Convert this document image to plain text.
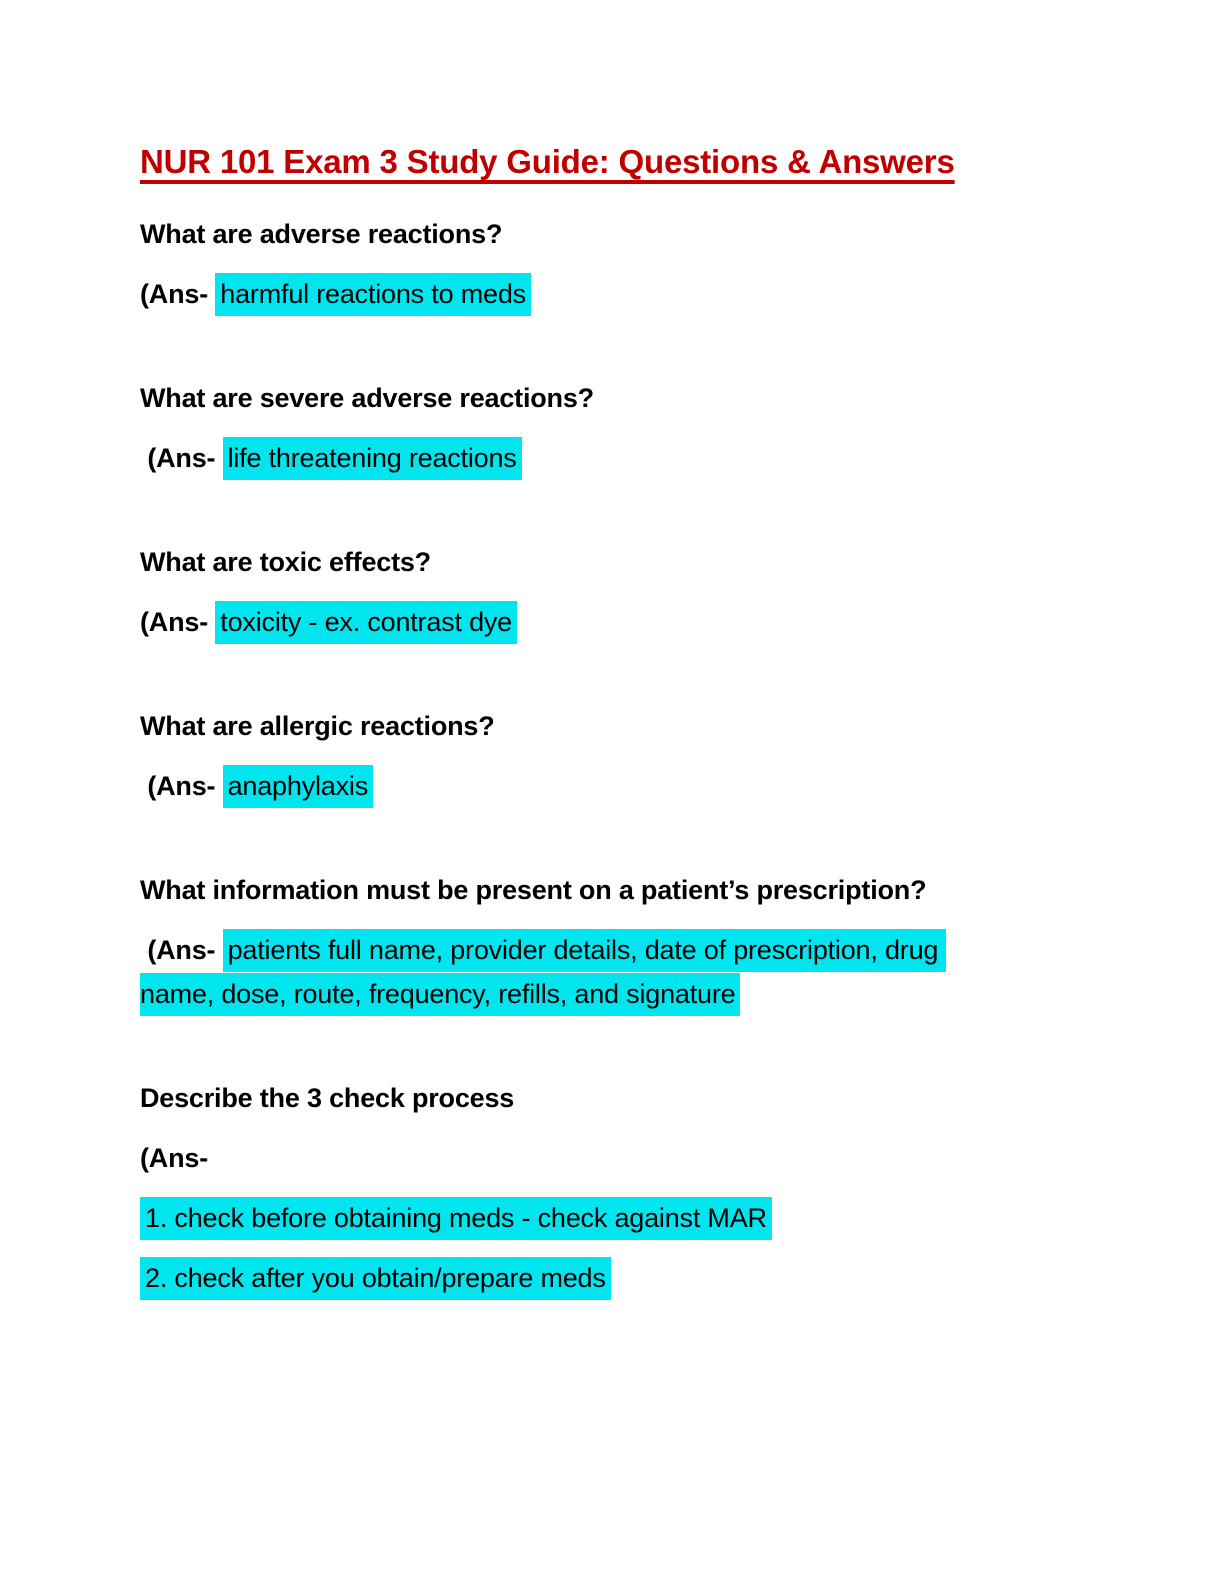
NUR 101 Exam 3 Study Guide: Questions & Answers

What are adverse reactions?

(Ans- harmful reactions to meds

What are severe adverse reactions?

(Ans- life threatening reactions

What are toxic effects?

(Ans- toxicity - ex. contrast dye

What are allergic reactions?

(Ans- anaphylaxis

What information must be present on a patient’s prescription?

(Ans- patients full name, provider details, date of prescription, drug name, dose, route, frequency, refills, and signature

Describe the 3 check process

(Ans-

1. check before obtaining meds - check against MAR

2. check after you obtain/prepare meds
